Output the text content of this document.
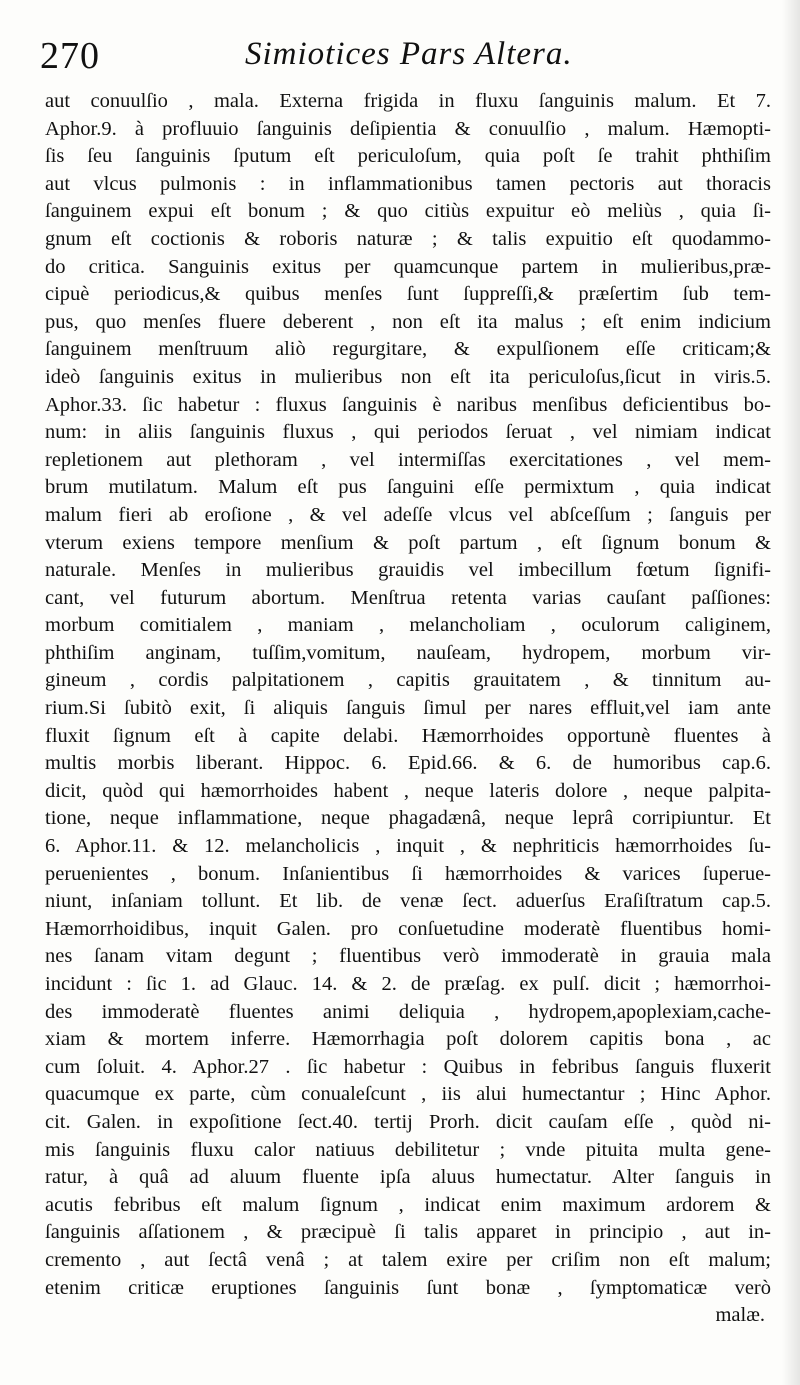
270	Simiotices Pars Altera.
aut conuulſio , mala. Externa frigida in fluxu ſanguinis malum. Et 7.
Aphor.9. à profluuio ſanguinis deſipientia & conuulſio , malum. Hæmopti-
ſis ſeu ſanguinis ſputum eſt periculoſum, quia poſt ſe trahit phthiſim
aut vlcus pulmonis : in inflammationibus tamen pectoris aut thoracis
ſanguinem expui eſt bonum ; & quo citiùs expuitur eò meliùs , quia ſi-
gnum eſt coctionis & roboris naturæ ; & talis expuitio eſt quodammo-
do critica. Sanguinis exitus per quamcunque partem in mulieribus,præ-
cipuè periodicus,& quibus menſes ſunt ſuppreſſi,& præſertim ſub tem-
pus, quo menſes fluere deberent , non eſt ita malus ; eſt enim indicium
ſanguinem menſtruum aliò regurgitare, & expulſionem eſſe criticam;&
ideò ſanguinis exitus in mulieribus non eſt ita periculoſus,ſicut in viris.5.
Aphor.33. ſic habetur : fluxus ſanguinis è naribus menſibus deficientibus bo-
num: in aliis ſanguinis fluxus , qui periodos ſeruat , vel nimiam indicat
repletionem aut plethoram , vel intermiſſas exercitationes , vel mem-
brum mutilatum. Malum eſt pus ſanguini eſſe permixtum , quia indicat
malum fieri ab eroſione , & vel adeſſe vlcus vel abſceſſum ; ſanguis per
vterum exiens tempore menſium & poſt partum , eſt ſignum bonum &
naturale. Menſes in mulieribus grauidis vel imbecillum fœtum ſignifi-
cant, vel futurum abortum. Menſtrua retenta varias cauſant paſſiones:
morbum comitialem , maniam , melancholiam , oculorum caliginem,
phthiſim anginam, tuſſim,vomitum, nauſeam, hydropem, morbum vir-
gineum , cordis palpitationem , capitis grauitatem , & tinnitum au-
rium.Si ſubitò exit, ſi aliquis ſanguis ſimul per nares effluit,vel iam ante
fluxit ſignum eſt à capite delabi. Hæmorrhoides opportunè fluentes à
multis morbis liberant. Hippoc. 6. Epid.66. & 6. de humoribus cap.6.
dicit, quòd qui hæmorrhoides habent , neque lateris dolore , neque palpita-
tione, neque inflammatione, neque phagadænâ, neque leprâ corripiuntur. Et
6. Aphor.11. & 12. melancholicis , inquit , & nephriticis hæmorrhoides ſu-
peruenientes , bonum. Inſanientibus ſi hæmorrhoides & varices ſuperue-
niunt, inſaniam tollunt. Et lib. de venæ ſect. aduerſus Eraſiſtratum cap.5.
Hæmorrhoidibus, inquit Galen. pro conſuetudine moderatè fluentibus homi-
nes ſanam vitam degunt ; fluentibus verò immoderatè in grauia mala
incidunt : ſic 1. ad Glauc. 14. & 2. de præſag. ex pulſ. dicit ; hæmorrhoi-
des immoderatè fluentes animi deliquia , hydropem,apoplexiam,cache-
xiam & mortem inferre. Hæmorrhagia poſt dolorem capitis bona , ac
cum ſoluit. 4. Aphor.27 . ſic habetur : Quibus in febribus ſanguis fluxerit
quacumque ex parte, cùm conualeſcunt , iis alui humectantur ; Hinc Aphor.
cit. Galen. in expoſitione ſect.40. tertij Prorh. dicit cauſam eſſe , quòd ni-
mis ſanguinis fluxu calor natiuus debilitetur ; vnde pituita multa gene-
ratur, à quâ ad aluum fluente ipſa aluus humectatur. Alter ſanguis in
acutis febribus eſt malum ſignum , indicat enim maximum ardorem &
ſanguinis aſſationem , & præcipuè ſi talis apparet in principio , aut in-
cremento , aut ſectâ venâ ; at talem exire per criſim non eſt malum;
etenim criticæ eruptiones ſanguinis ſunt bonæ , ſymptomaticæ verò
malæ.
